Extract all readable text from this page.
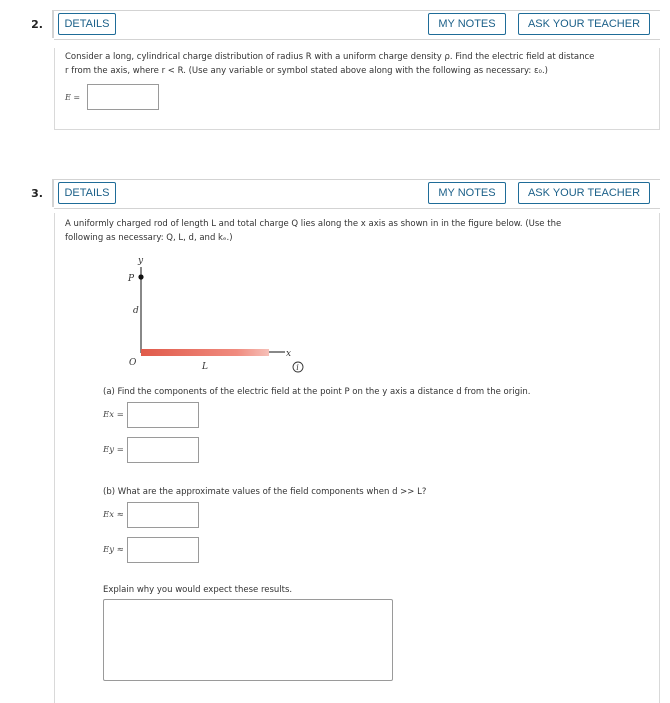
2.	DETAILS	MY NOTES	ASK YOUR TEACHER
Consider a long, cylindrical charge distribution of radius R with a uniform charge density ρ. Find the electric field at distance
r from the axis, where r < R. (Use any variable or symbol stated above along with the following as necessary: ε₀.)
E =
3.	DETAILS	MY NOTES	ASK YOUR TEACHER
A uniformly charged rod of length L and total charge Q lies along the x axis as shown in in the figure below. (Use the
following as necessary: Q, L, d, and kₑ.)
y
P
d
O
x
L	i
(a) Find the components of the electric field at the point P on the y axis a distance d from the origin.
Ex =
Ey =
(b) What are the approximate values of the field components when d >> L?
Ex ≈
Ey ≈
Explain why you would expect these results.
